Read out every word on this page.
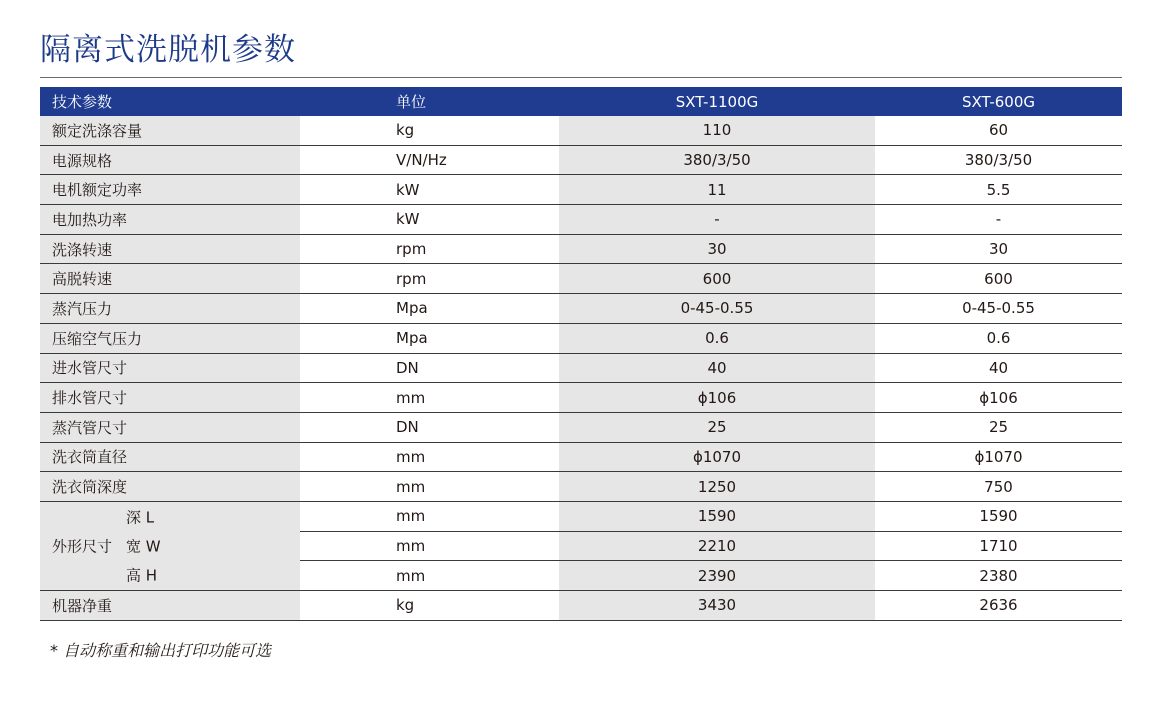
隔离式洗脱机参数
技术参数	单位	SXT-1100G	SXT-600G
额定洗涤容量	kg	110	60
电源规格	V/N/Hz	380/3/50	380/3/50
电机额定功率	kW	11	5.5
电加热功率	kW	-	-
洗涤转速	rpm	30	30
高脱转速	rpm	600	600
蒸汽压力	Mpa	0-45-0.55	0-45-0.55
压缩空气压力	Mpa	0.6	0.6
进水管尺寸	DN	40	40
排水管尺寸	mm	ϕ106	ϕ106
蒸汽管尺寸	DN	25	25
洗衣筒直径	mm	ϕ1070	ϕ1070
洗衣筒深度	mm	1250	750

深 L	mm	1590	1590

外形尺寸 宽 W	mm	2210	1710

高 H	mm	2390	2380
机器净重	kg	3430	2636
* 自动称重和输出打印功能可选
